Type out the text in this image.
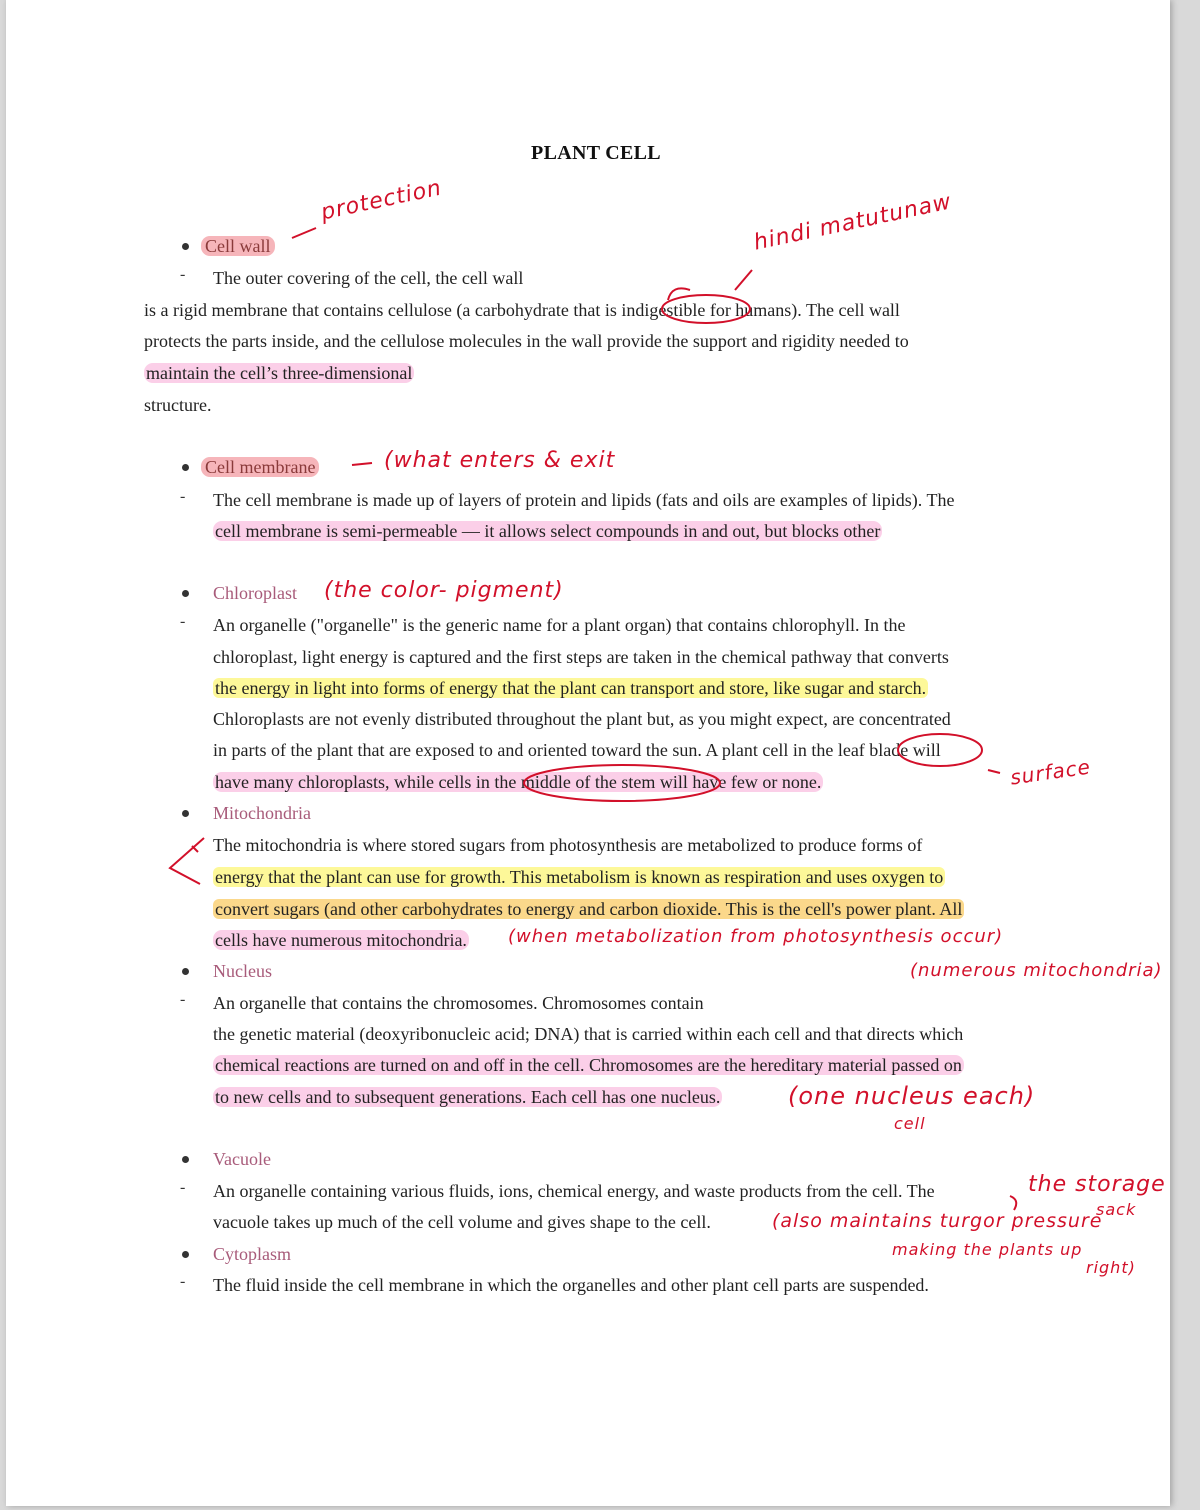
PLANT CELL
Cell wall
- The outer covering of the cell, the cell wall
is a rigid membrane that contains cellulose (a carbohydrate that is indigestible for humans). The cell wall
protects the parts inside, and the cellulose molecules in the wall provide the support and rigidity needed to
maintain the cell’s three-dimensional
structure.
Cell membrane
- The cell membrane is made up of layers of protein and lipids (fats and oils are examples of lipids). The
cell membrane is semi-permeable — it allows select compounds in and out, but blocks other
Chloroplast
- An organelle ("organelle" is the generic name for a plant organ) that contains chlorophyll. In the
chloroplast, light energy is captured and the first steps are taken in the chemical pathway that converts
the energy in light into forms of energy that the plant can transport and store, like sugar and starch.
Chloroplasts are not evenly distributed throughout the plant but, as you might expect, are concentrated
in parts of the plant that are exposed to and oriented toward the sun. A plant cell in the leaf blade will
have many chloroplasts, while cells in the middle of the stem will have few or none.
Mitochondria
The mitochondria is where stored sugars from photosynthesis are metabolized to produce forms of
energy that the plant can use for growth. This metabolism is known as respiration and uses oxygen to
convert sugars (and other carbohydrates to energy and carbon dioxide. This is the cell's power plant. All
cells have numerous mitochondria.
Nucleus
- An organelle that contains the chromosomes. Chromosomes contain
the genetic material (deoxyribonucleic acid; DNA) that is carried within each cell and that directs which
chemical reactions are turned on and off in the cell. Chromosomes are the hereditary material passed on
to new cells and to subsequent generations. Each cell has one nucleus.
Vacuole
- An organelle containing various fluids, ions, chemical energy, and waste products from the cell. The
vacuole takes up much of the cell volume and gives shape to the cell.
Cytoplasm
- The fluid inside the cell membrane in which the organelles and other plant cell parts are suspended.
protection	hindi matutunaw
(what enters & exit
(the color- pigment)
surface
(when metabolization from photosynthesis occur)
(numerous mitochondria)
(one nucleus each)
cell
the storage
sack
(also maintains turgor pressure
making the plants up
right)
